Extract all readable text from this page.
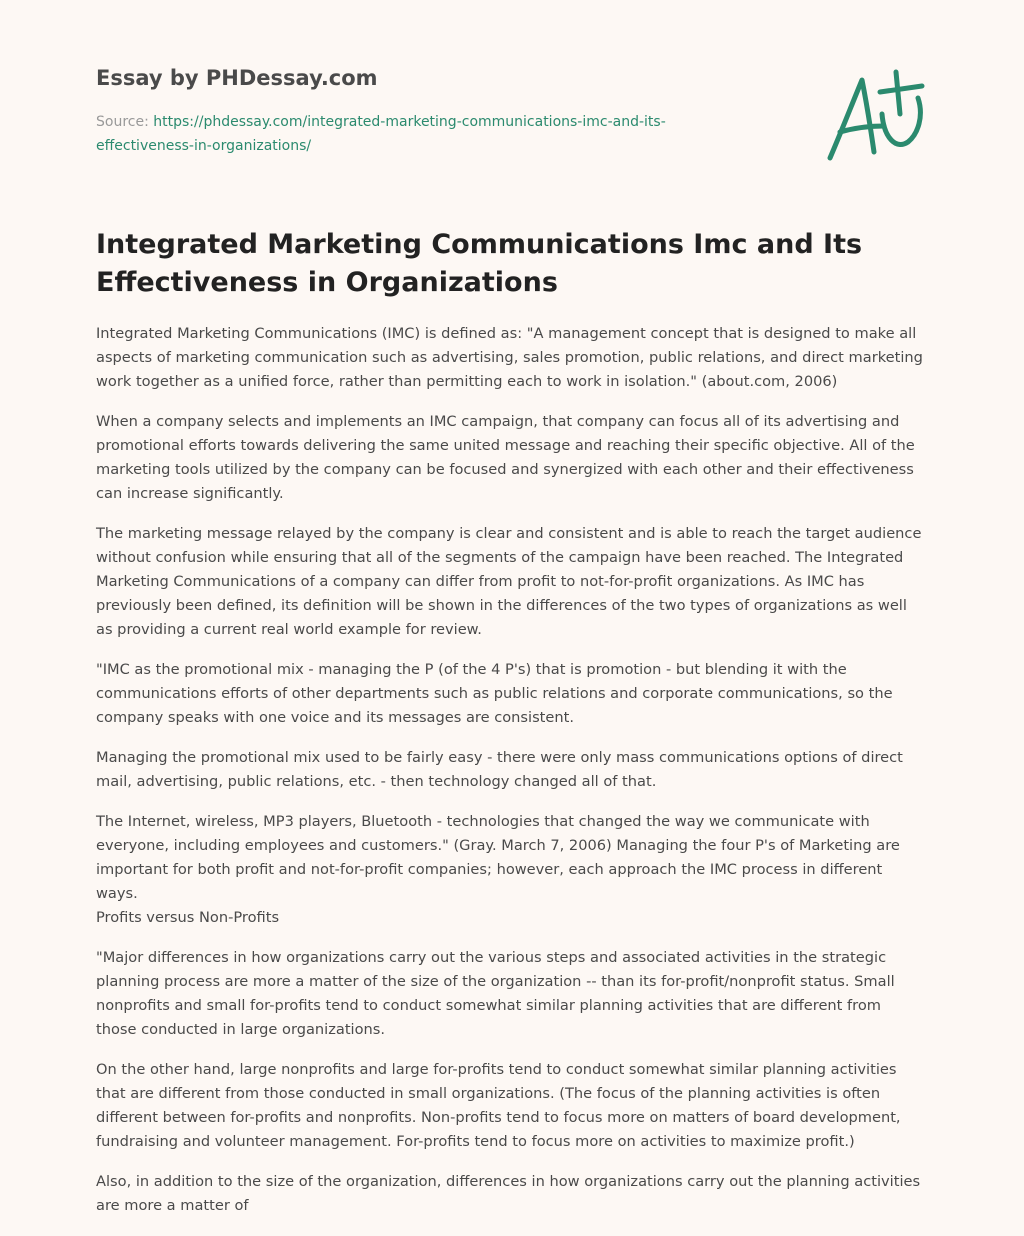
Essay by PHDessay.com
Source: https://phdessay.com/integrated-marketing-communications-imc-and-its-effectiveness-in-organizations/
Integrated Marketing Communications Imc and Its Effectiveness in Organizations

Integrated Marketing Communications (IMC) is defined as: "A management concept that is designed to make all aspects of marketing communication such as advertising, sales promotion, public relations, and direct marketing work together as a unified force, rather than permitting each to work in isolation." (about.com, 2006)

When a company selects and implements an IMC campaign, that company can focus all of its advertising and promotional efforts towards delivering the same united message and reaching their specific objective. All of the marketing tools utilized by the company can be focused and synergized with each other and their effectiveness can increase significantly.

The marketing message relayed by the company is clear and consistent and is able to reach the target audience without confusion while ensuring that all of the segments of the campaign have been reached. The Integrated Marketing Communications of a company can differ from profit to not-for-profit organizations. As IMC has previously been defined, its definition will be shown in the differences of the two types of organizations as well as providing a current real world example for review.

"IMC as the promotional mix - managing the P (of the 4 P's) that is promotion - but blending it with the communications efforts of other departments such as public relations and corporate communications, so the company speaks with one voice and its messages are consistent.

Managing the promotional mix used to be fairly easy - there were only mass communications options of direct mail, advertising, public relations, etc. - then technology changed all of that.

The Internet, wireless, MP3 players, Bluetooth - technologies that changed the way we communicate with everyone, including employees and customers." (Gray. March 7, 2006) Managing the four P's of Marketing are important for both profit and not-for-profit companies; however, each approach the IMC process in different ways.
Profits versus Non-Profits

"Major differences in how organizations carry out the various steps and associated activities in the strategic planning process are more a matter of the size of the organization -- than its for-profit/nonprofit status. Small nonprofits and small for-profits tend to conduct somewhat similar planning activities that are different from those conducted in large organizations.

On the other hand, large nonprofits and large for-profits tend to conduct somewhat similar planning activities that are different from those conducted in small organizations. (The focus of the planning activities is often different between for-profits and nonprofits. Non-profits tend to focus more on matters of board development, fundraising and volunteer management. For-profits tend to focus more on activities to maximize profit.)

Also, in addition to the size of the organization, differences in how organizations carry out the planning activities are more a matter of
